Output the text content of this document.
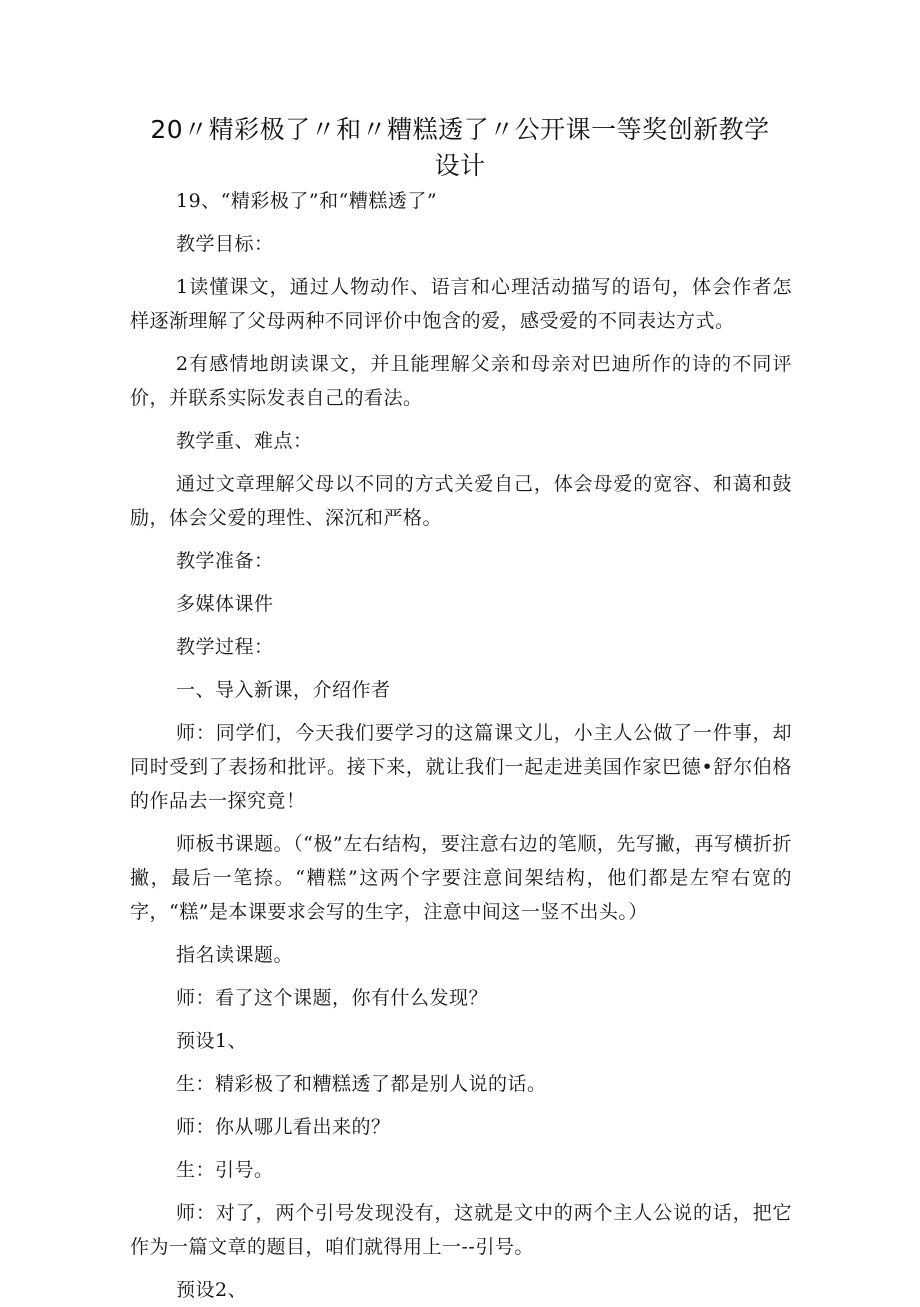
20〃精彩极了〃和〃糟糕透了〃公开课一等奖创新教学设计

19、“精彩极了”和“糟糕透了”

教学目标：

1读懂课文，通过人物动作、语言和心理活动描写的语句，体会作者怎样逐渐理解了父母两种不同评价中饱含的爱，感受爱的不同表达方式。

2有感情地朗读课文，并且能理解父亲和母亲对巴迪所作的诗的不同评价，并联系实际发表自己的看法。

教学重、难点：

通过文章理解父母以不同的方式关爱自己，体会母爱的宽容、和蔼和鼓励，体会父爱的理性、深沉和严格。

教学准备：

多媒体课件

教学过程：

一、导入新课，介绍作者

师：同学们，今天我们要学习的这篇课文儿，小主人公做了一件事，却同时受到了表扬和批评。接下来，就让我们一起走进美国作家巴德•舒尔伯格的作品去一探究竟！

师板书课题。（“极”左右结构，要注意右边的笔顺，先写撇，再写横折折撇，最后一笔捺。“糟糕”这两个字要注意间架结构，他们都是左窄右宽的字，“糕”是本课要求会写的生字，注意中间这一竖不出头。）

指名读课题。

师：看了这个课题，你有什么发现？

预设1、

生：精彩极了和糟糕透了都是别人说的话。

师：你从哪儿看出来的？

生：引号。

师：对了，两个引号发现没有，这就是文中的两个主人公说的话，把它作为一篇文章的题目，咱们就得用上一--引号。

预设2、
